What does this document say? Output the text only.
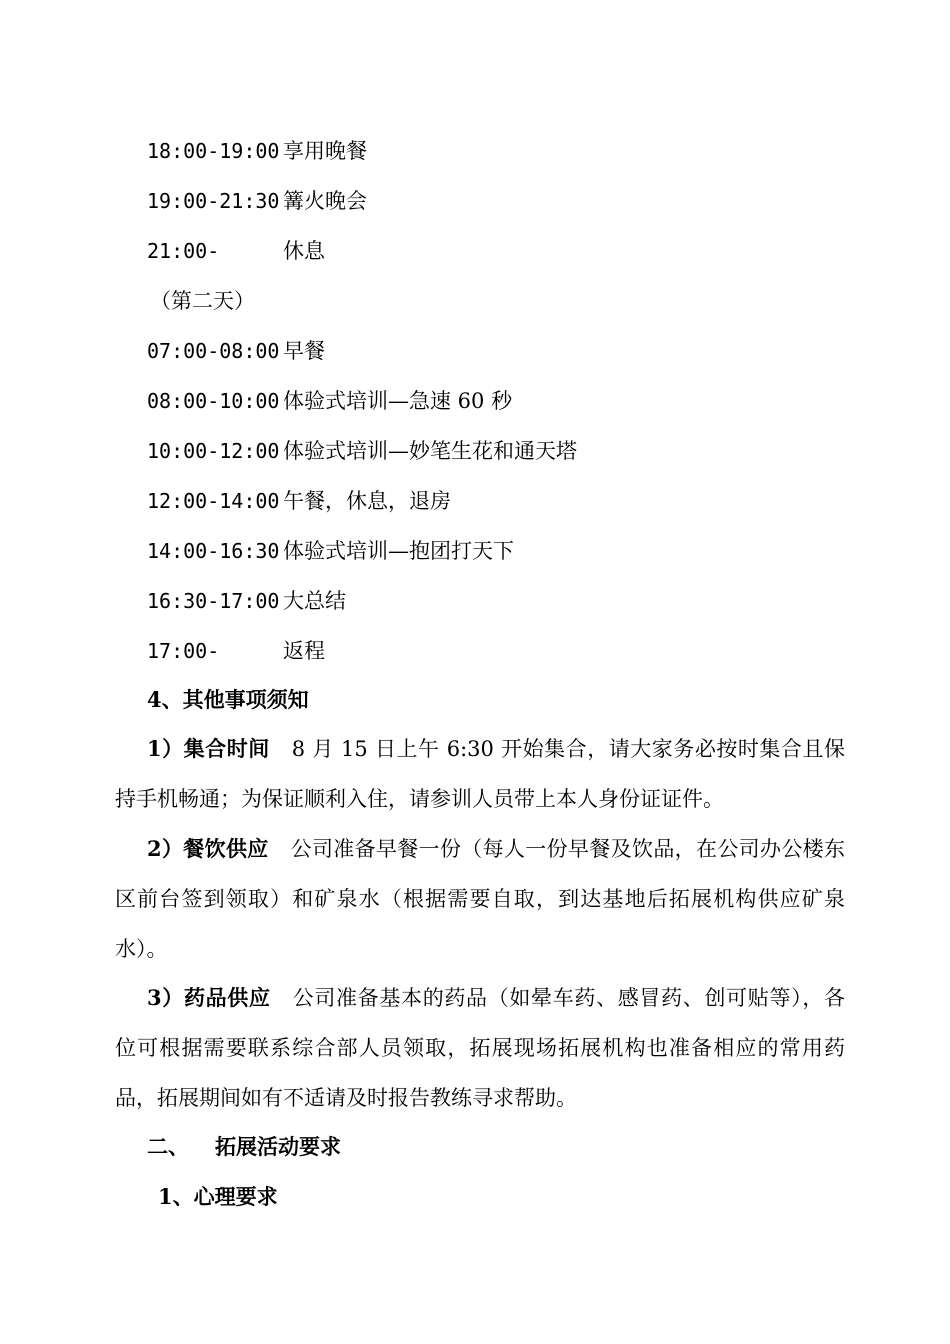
18:00-19:00 享用晚餐
19:00-21:30 篝火晚会
21:00-	休息
（第二天）
07:00-08:00 早餐
08:00-10:00 体验式培训—急速 60 秒
10:00-12:00 体验式培训—妙笔生花和通天塔
12:00-14:00 午餐，休息，退房
14:00-16:30 体验式培训—抱团打天下
16:30-17:00 大总结
17:00-	返程
4、其他事项须知
1）集合时间 8 月 15 日上午 6:30 开始集合，请大家务必按时集合且保持手机畅通；为保证顺利入住，请参训人员带上本人身份证证件。
2）餐饮供应 公司准备早餐一份（每人一份早餐及饮品，在公司办公楼东区前台签到领取）和矿泉水（根据需要自取，到达基地后拓展机构供应矿泉水）。
3）药品供应 公司准备基本的药品（如晕车药、感冒药、创可贴等），各位可根据需要联系综合部人员领取，拓展现场拓展机构也准备相应的常用药品，拓展期间如有不适请及时报告教练寻求帮助。
二、 拓展活动要求
1、心理要求
